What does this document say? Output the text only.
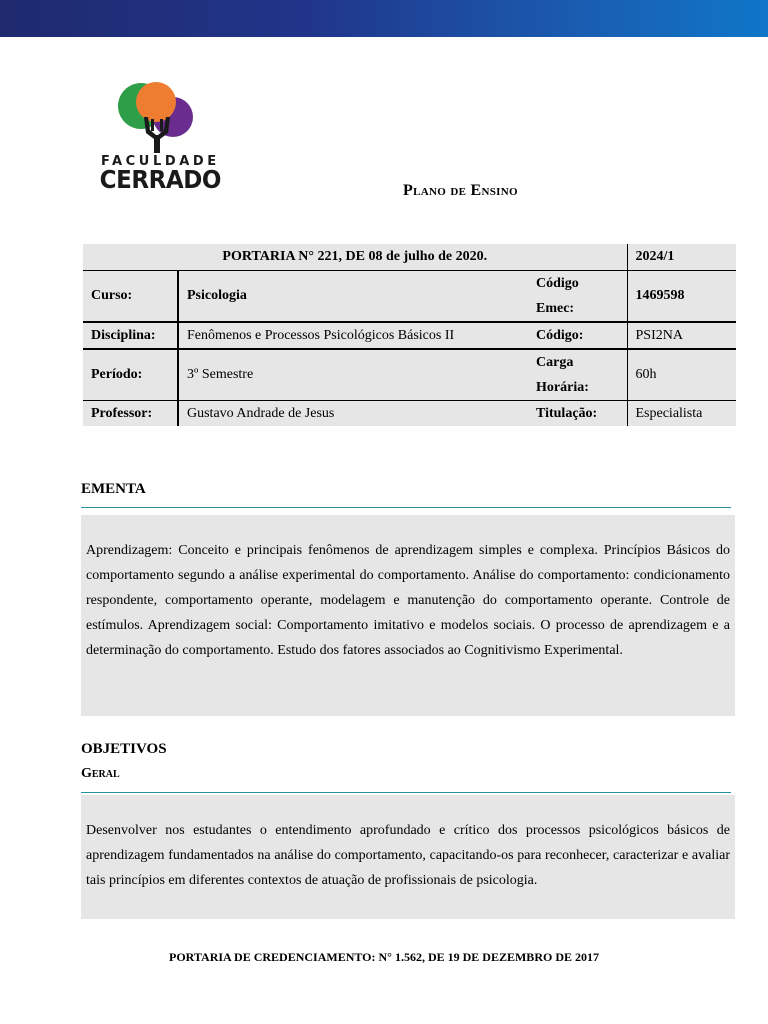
FACULDADE
CERRADO	Plano de Ensino
PORTARIA N° 221, DE 08 de julho de 2020.			2024/1
Curso:	Psicologia	Código Emec:	1469598
Disciplina:	Fenômenos e Processos Psicológicos Básicos II	Código:	PSI2NA
Período:	3º Semestre	Carga Horária:	60h
Professor:	Gustavo Andrade de Jesus	Titulação:	Especialista
EMENTA
Aprendizagem: Conceito e principais fenômenos de aprendizagem simples e complexa. Princípios Básicos do comportamento segundo a análise experimental do comportamento. Análise do comportamento: condicionamento respondente, comportamento operante, modelagem e manutenção do comportamento operante. Controle de estímulos. Aprendizagem social: Comportamento imitativo e modelos sociais. O processo de aprendizagem e a determinação do comportamento. Estudo dos fatores associados ao Cognitivismo Experimental.
OBJETIVOS
Geral
Desenvolver nos estudantes o entendimento aprofundado e crítico dos processos psicológicos básicos de aprendizagem fundamentados na análise do comportamento, capacitando-os para reconhecer, caracterizar e avaliar tais princípios em diferentes contextos de atuação de profissionais de psicologia.
PORTARIA DE CREDENCIAMENTO: N° 1.562, DE 19 DE DEZEMBRO DE 2017
